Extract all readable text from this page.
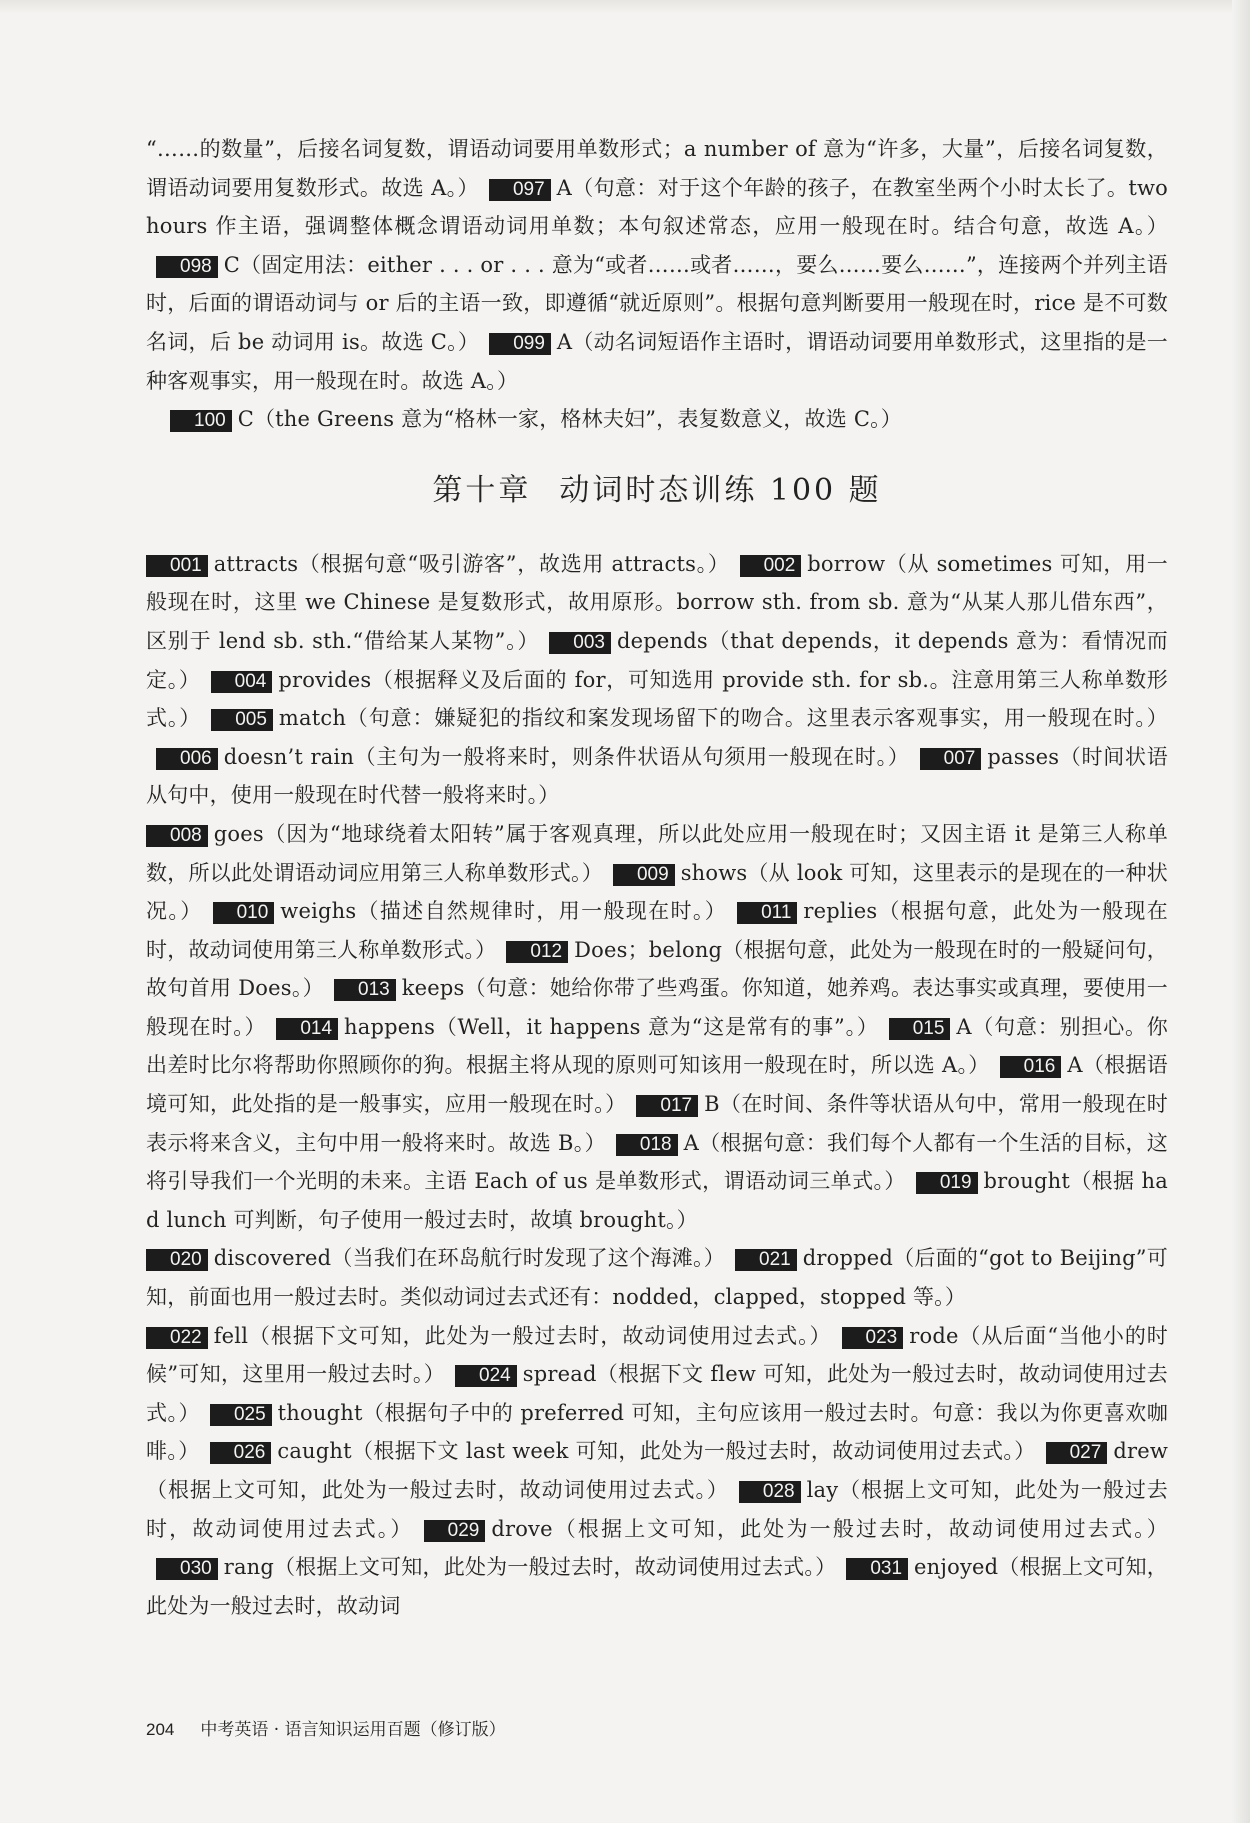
“……的数量”，后接名词复数，谓语动词要用单数形式；a number of 意为“许多，大量”，后接名词复数，谓语动词要用复数形式。故选 A。） 097 A（句意：对于这个年龄的孩子，在教室坐两个小时太长了。two hours 作主语，强调整体概念谓语动词用单数；本句叙述常态，应用一般现在时。结合句意，故选 A。）098 C（固定用法：either . . . or . . . 意为“或者……或者……，要么……要么……”，连接两个并列主语时，后面的谓语动词与 or 后的主语一致，即遵循“就近原则”。根据句意判断要用一般现在时，rice 是不可数名词，后 be 动词用 is。故选 C。） 099 A（动名词短语作主语时，谓语动词要用单数形式，这里指的是一种客观事实，用一般现在时。故选 A。）

100 C（the Greens 意为“格林一家，格林夫妇”，表复数意义，故选 C。）

第十章 动词时态训练 100 题

001 attracts（根据句意“吸引游客”，故选用 attracts。） 002 borrow（从 sometimes 可知，用一般现在时，这里 we Chinese 是复数形式，故用原形。borrow sth. from sb. 意为“从某人那儿借东西”，区别于 lend sb. sth.“借给某人某物”。） 003 depends（that depends，it depends 意为：看情况而定。） 004 provides（根据释义及后面的 for，可知选用 provide sth. for sb.。注意用第三人称单数形式。） 005 match（句意：嫌疑犯的指纹和案发现场留下的吻合。这里表示客观事实，用一般现在时。）006 doesn’t rain（主句为一般将来时，则条件状语从句须用一般现在时。） 007 passes（时间状语从句中，使用一般现在时代替一般将来时。）

008 goes（因为“地球绕着太阳转”属于客观真理，所以此处应用一般现在时；又因主语 it 是第三人称单数，所以此处谓语动词应用第三人称单数形式。） 009 shows（从 look 可知，这里表示的是现在的一种状况。） 010 weighs（描述自然规律时，用一般现在时。） 011 replies（根据句意，此处为一般现在时，故动词使用第三人称单数形式。） 012 Does；belong（根据句意，此处为一般现在时的一般疑问句，故句首用 Does。） 013 keeps（句意：她给你带了些鸡蛋。你知道，她养鸡。表达事实或真理，要使用一般现在时。） 014 happens（Well，it happens 意为“这是常有的事”。） 015 A（句意：别担心。你出差时比尔将帮助你照顾你的狗。根据主将从现的原则可知该用一般现在时，所以选 A。） 016 A（根据语境可知，此处指的是一般事实，应用一般现在时。） 017 B（在时间、条件等状语从句中，常用一般现在时表示将来含义，主句中用一般将来时。故选 B。） 018 A（根据句意：我们每个人都有一个生活的目标，这将引导我们一个光明的未来。主语 Each of us 是单数形式，谓语动词三单式。） 019 brought（根据 had lunch 可判断，句子使用一般过去时，故填 brought。）

020 discovered（当我们在环岛航行时发现了这个海滩。） 021 dropped（后面的“got to Beijing”可知，前面也用一般过去时。类似动词过去式还有：nodded，clapped，stopped 等。）

022 fell（根据下文可知，此处为一般过去时，故动词使用过去式。） 023 rode（从后面“当他小的时候”可知，这里用一般过去时。） 024 spread（根据下文 flew 可知，此处为一般过去时，故动词使用过去式。） 025 thought（根据句子中的 preferred 可知，主句应该用一般过去时。句意：我以为你更喜欢咖啡。） 026 caught（根据下文 last week 可知，此处为一般过去时，故动词使用过去式。） 027 drew（根据上文可知，此处为一般过去时，故动词使用过去式。） 028 lay（根据上文可知，此处为一般过去时，故动词使用过去式。） 029 drove（根据上文可知，此处为一般过去时，故动词使用过去式。）030 rang（根据上文可知，此处为一般过去时，故动词使用过去式。） 031 enjoyed（根据上文可知，此处为一般过去时，故动词

204 中考英语 · 语言知识运用百题（修订版）
